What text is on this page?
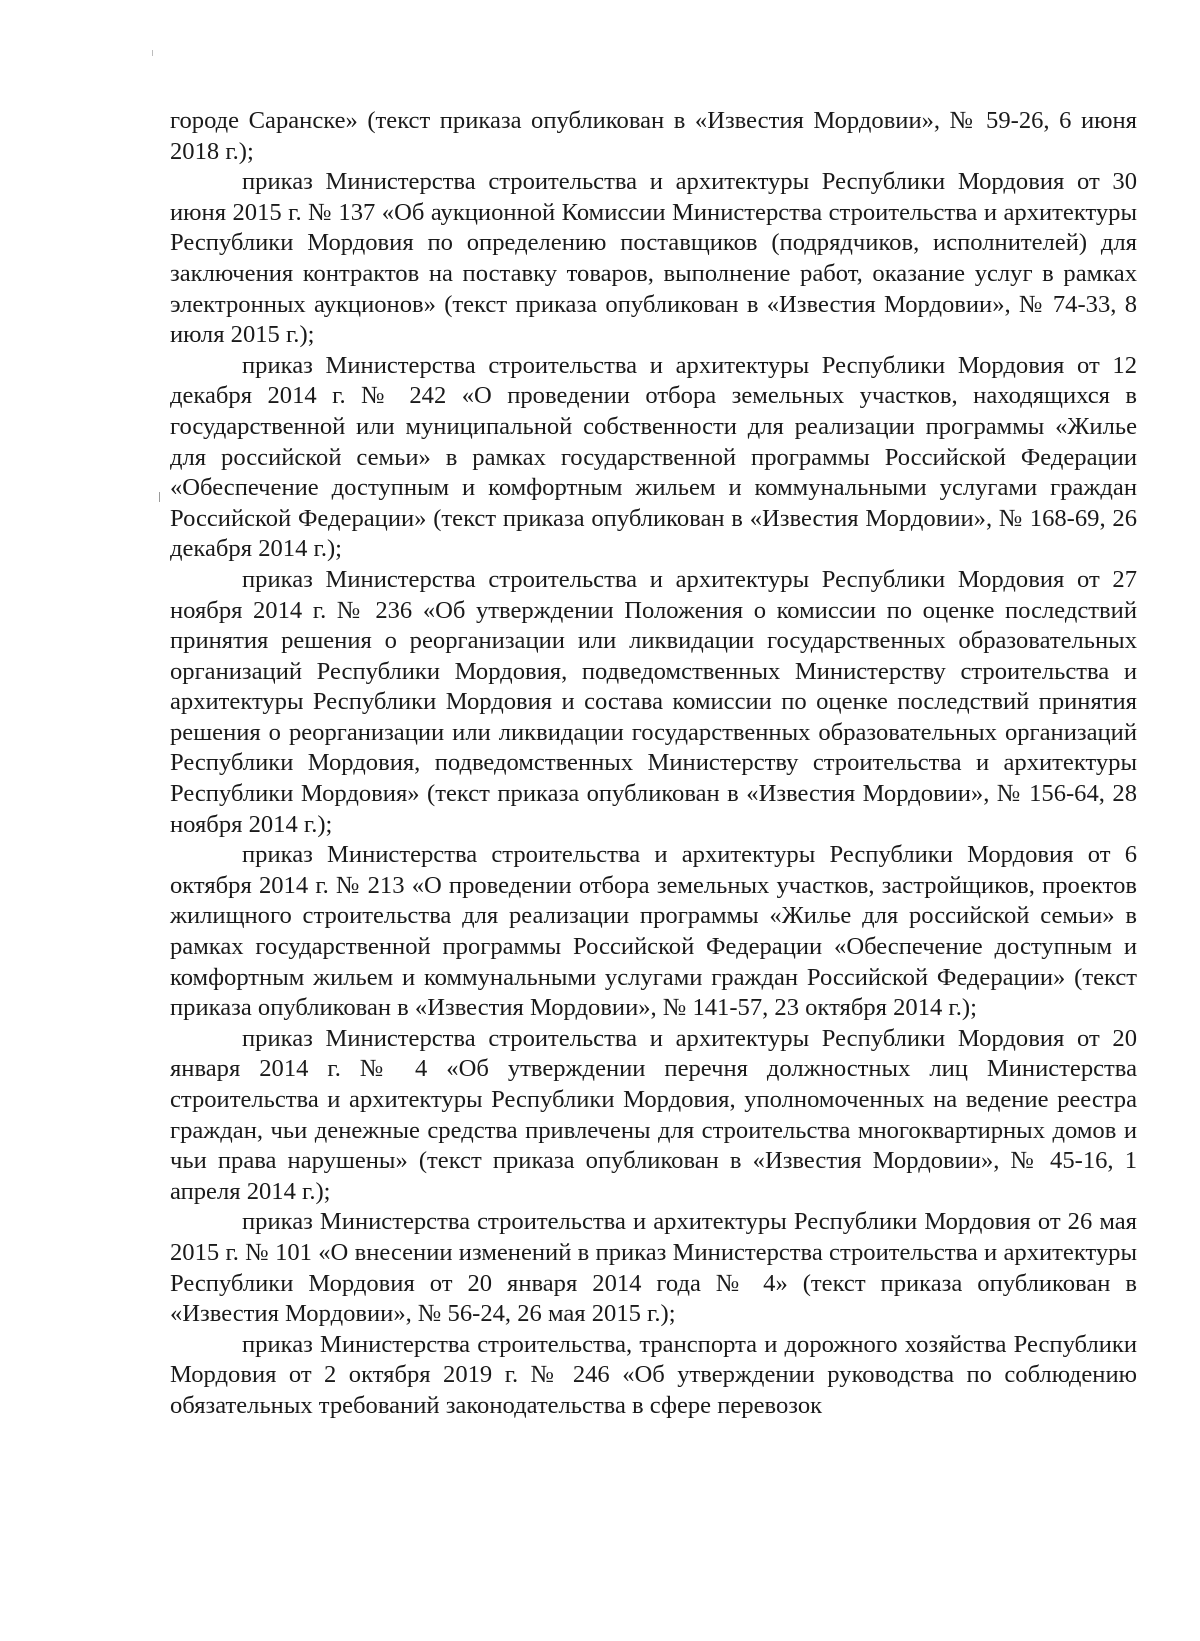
городе Саранске» (текст приказа опубликован в «Известия Мордовии», № 59-26, 6 июня 2018 г.);

приказ Министерства строительства и архитектуры Республики Мордовия от 30 июня 2015 г. № 137 «Об аукционной Комиссии Министерства строительства и архитектуры Республики Мордовия по определению поставщиков (подрядчиков, исполнителей) для заключения контрактов на поставку товаров, выполнение работ, оказание услуг в рамках электронных аукционов» (текст приказа опубликован в «Известия Мордовии», № 74-33, 8 июля 2015 г.);

приказ Министерства строительства и архитектуры Республики Мордовия от 12 декабря 2014 г. № 242 «О проведении отбора земельных участков, находящихся в государственной или муниципальной собственности для реализации программы «Жилье для российской семьи» в рамках государственной программы Российской Федерации «Обеспечение доступным и комфортным жильем и коммунальными услугами граждан Российской Федерации» (текст приказа опубликован в «Известия Мордовии», № 168-69, 26 декабря 2014 г.);

приказ Министерства строительства и архитектуры Республики Мордовия от 27 ноября 2014 г. № 236 «Об утверждении Положения о комиссии по оценке последствий принятия решения о реорганизации или ликвидации государственных образовательных организаций Республики Мордовия, подведомственных Министерству строительства и архитектуры Республики Мордовия и состава комиссии по оценке последствий принятия решения о реорганизации или ликвидации государственных образовательных организаций Республики Мордовия, подведомственных Министерству строительства и архитектуры Республики Мордовия» (текст приказа опубликован в «Известия Мордовии», № 156-64, 28 ноября 2014 г.);

приказ Министерства строительства и архитектуры Республики Мордовия от 6 октября 2014 г. № 213 «О проведении отбора земельных участков, застройщиков, проектов жилищного строительства для реализации программы «Жилье для российской семьи» в рамках государственной программы Российской Федерации «Обеспечение доступным и комфортным жильем и коммунальными услугами граждан Российской Федерации» (текст приказа опубликован в «Известия Мордовии», № 141-57, 23 октября 2014 г.);

приказ Министерства строительства и архитектуры Республики Мордовия от 20 января 2014 г. № 4 «Об утверждении перечня должностных лиц Министерства строительства и архитектуры Республики Мордовия, уполномоченных на ведение реестра граждан, чьи денежные средства привлечены для строительства многоквартирных домов и чьи права нарушены» (текст приказа опубликован в «Известия Мордовии», № 45-16, 1 апреля 2014 г.);

приказ Министерства строительства и архитектуры Республики Мордовия от 26 мая 2015 г. № 101 «О внесении изменений в приказ Министерства строительства и архитектуры Республики Мордовия от 20 января 2014 года № 4» (текст приказа опубликован в «Известия Мордовии», № 56-24, 26 мая 2015 г.);

приказ Министерства строительства, транспорта и дорожного хозяйства Республики Мордовия от 2 октября 2019 г. № 246 «Об утверждении руководства по соблюдению обязательных требований законодательства в сфере перевозок
